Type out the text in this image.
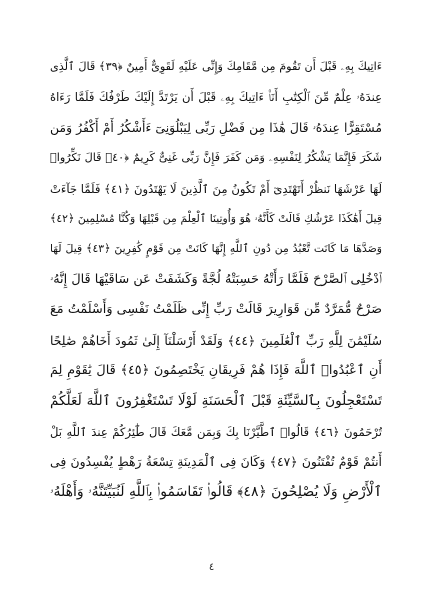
ءَاتِيكَ بِهِۦ قَبْلَ أَن تَقُومَ مِن مَّقَامِكَ وَإِنِّى عَلَيْهِ لَقَوِىٌّ أَمِينٌ ﴿٣٩﴾ قَالَ ٱلَّذِى
عِندَهُۥ عِلْمٌ مِّنَ ٱلْكِتَٰبِ أَنَا۠ ءَاتِيكَ بِهِۦ قَبْلَ أَن يَرْتَدَّ إِلَيْكَ طَرْفُكَ فَلَمَّا رَءَاهُ
مُسْتَقِرًّا عِندَهُۥ قَالَ هَٰذَا مِن فَضْلِ رَبِّى لِيَبْلُوَنِىٓ ءَأَشْكُرُ أَمْ أَكْفُرُ وَمَن
شَكَرَ فَإِنَّمَا يَشْكُرُ لِنَفْسِهِۦ وَمَن كَفَرَ فَإِنَّ رَبِّى غَنِىٌّ كَرِيمٌ ﴿٤٠﴾ قَالَ نَكِّرُوا۟
لَهَا عَرْشَهَا نَنظُرْ أَتَهْتَدِىٓ أَمْ تَكُونُ مِنَ ٱلَّذِينَ لَا يَهْتَدُونَ ﴿٤١﴾ فَلَمَّا جَآءَتْ
قِيلَ أَهَٰكَذَا عَرْشُكِ قَالَتْ كَأَنَّهُۥ هُوَ وَأُوتِينَا ٱلْعِلْمَ مِن قَبْلِهَا وَكُنَّا مُسْلِمِينَ ﴿٤٢﴾
وَصَدَّهَا مَا كَانَت تَّعْبُدُ مِن دُونِ ٱللَّهِ إِنَّهَا كَانَتْ مِن قَوْمٍ كَٰفِرِينَ ﴿٤٣﴾ قِيلَ لَهَا
ٱدْخُلِى ٱلصَّرْحَ فَلَمَّا رَأَتْهُ حَسِبَتْهُ لُجَّةً وَكَشَفَتْ عَن سَاقَيْهَا قَالَ إِنَّهُۥ
صَرْحٌ مُّمَرَّدٌ مِّن قَوَارِيرَ قَالَتْ رَبِّ إِنِّى ظَلَمْتُ نَفْسِى وَأَسْلَمْتُ مَعَ
سُلَيْمَٰنَ لِلَّهِ رَبِّ ٱلْعَٰلَمِينَ ﴿٤٤﴾ وَلَقَدْ أَرْسَلْنَآ إِلَىٰ ثَمُودَ أَخَاهُمْ صَٰلِحًا
أَنِ ٱعْبُدُوا۟ ٱللَّهَ فَإِذَا هُمْ فَرِيقَانِ يَخْتَصِمُونَ ﴿٤٥﴾ قَالَ يَٰقَوْمِ لِمَ
تَسْتَعْجِلُونَ بِٱلسَّيِّئَةِ قَبْلَ ٱلْحَسَنَةِ لَوْلَا تَسْتَغْفِرُونَ ٱللَّهَ لَعَلَّكُمْ
تُرْحَمُونَ ﴿٤٦﴾ قَالُوا۟ ٱطَّيَّرْنَا بِكَ وَبِمَن مَّعَكَ قَالَ طَٰٓئِرُكُمْ عِندَ ٱللَّهِ بَلْ
أَنتُمْ قَوْمٌ تُفْتَنُونَ ﴿٤٧﴾ وَكَانَ فِى ٱلْمَدِينَةِ تِسْعَةُ رَهْطٍ يُفْسِدُونَ فِى
ٱلْأَرْضِ وَلَا يُصْلِحُونَ ﴿٤٨﴾ قَالُوا۟ تَقَاسَمُوا۟ بِٱللَّهِ لَنُبَيِّتَنَّهُۥ وَأَهْلَهُۥ
٤
